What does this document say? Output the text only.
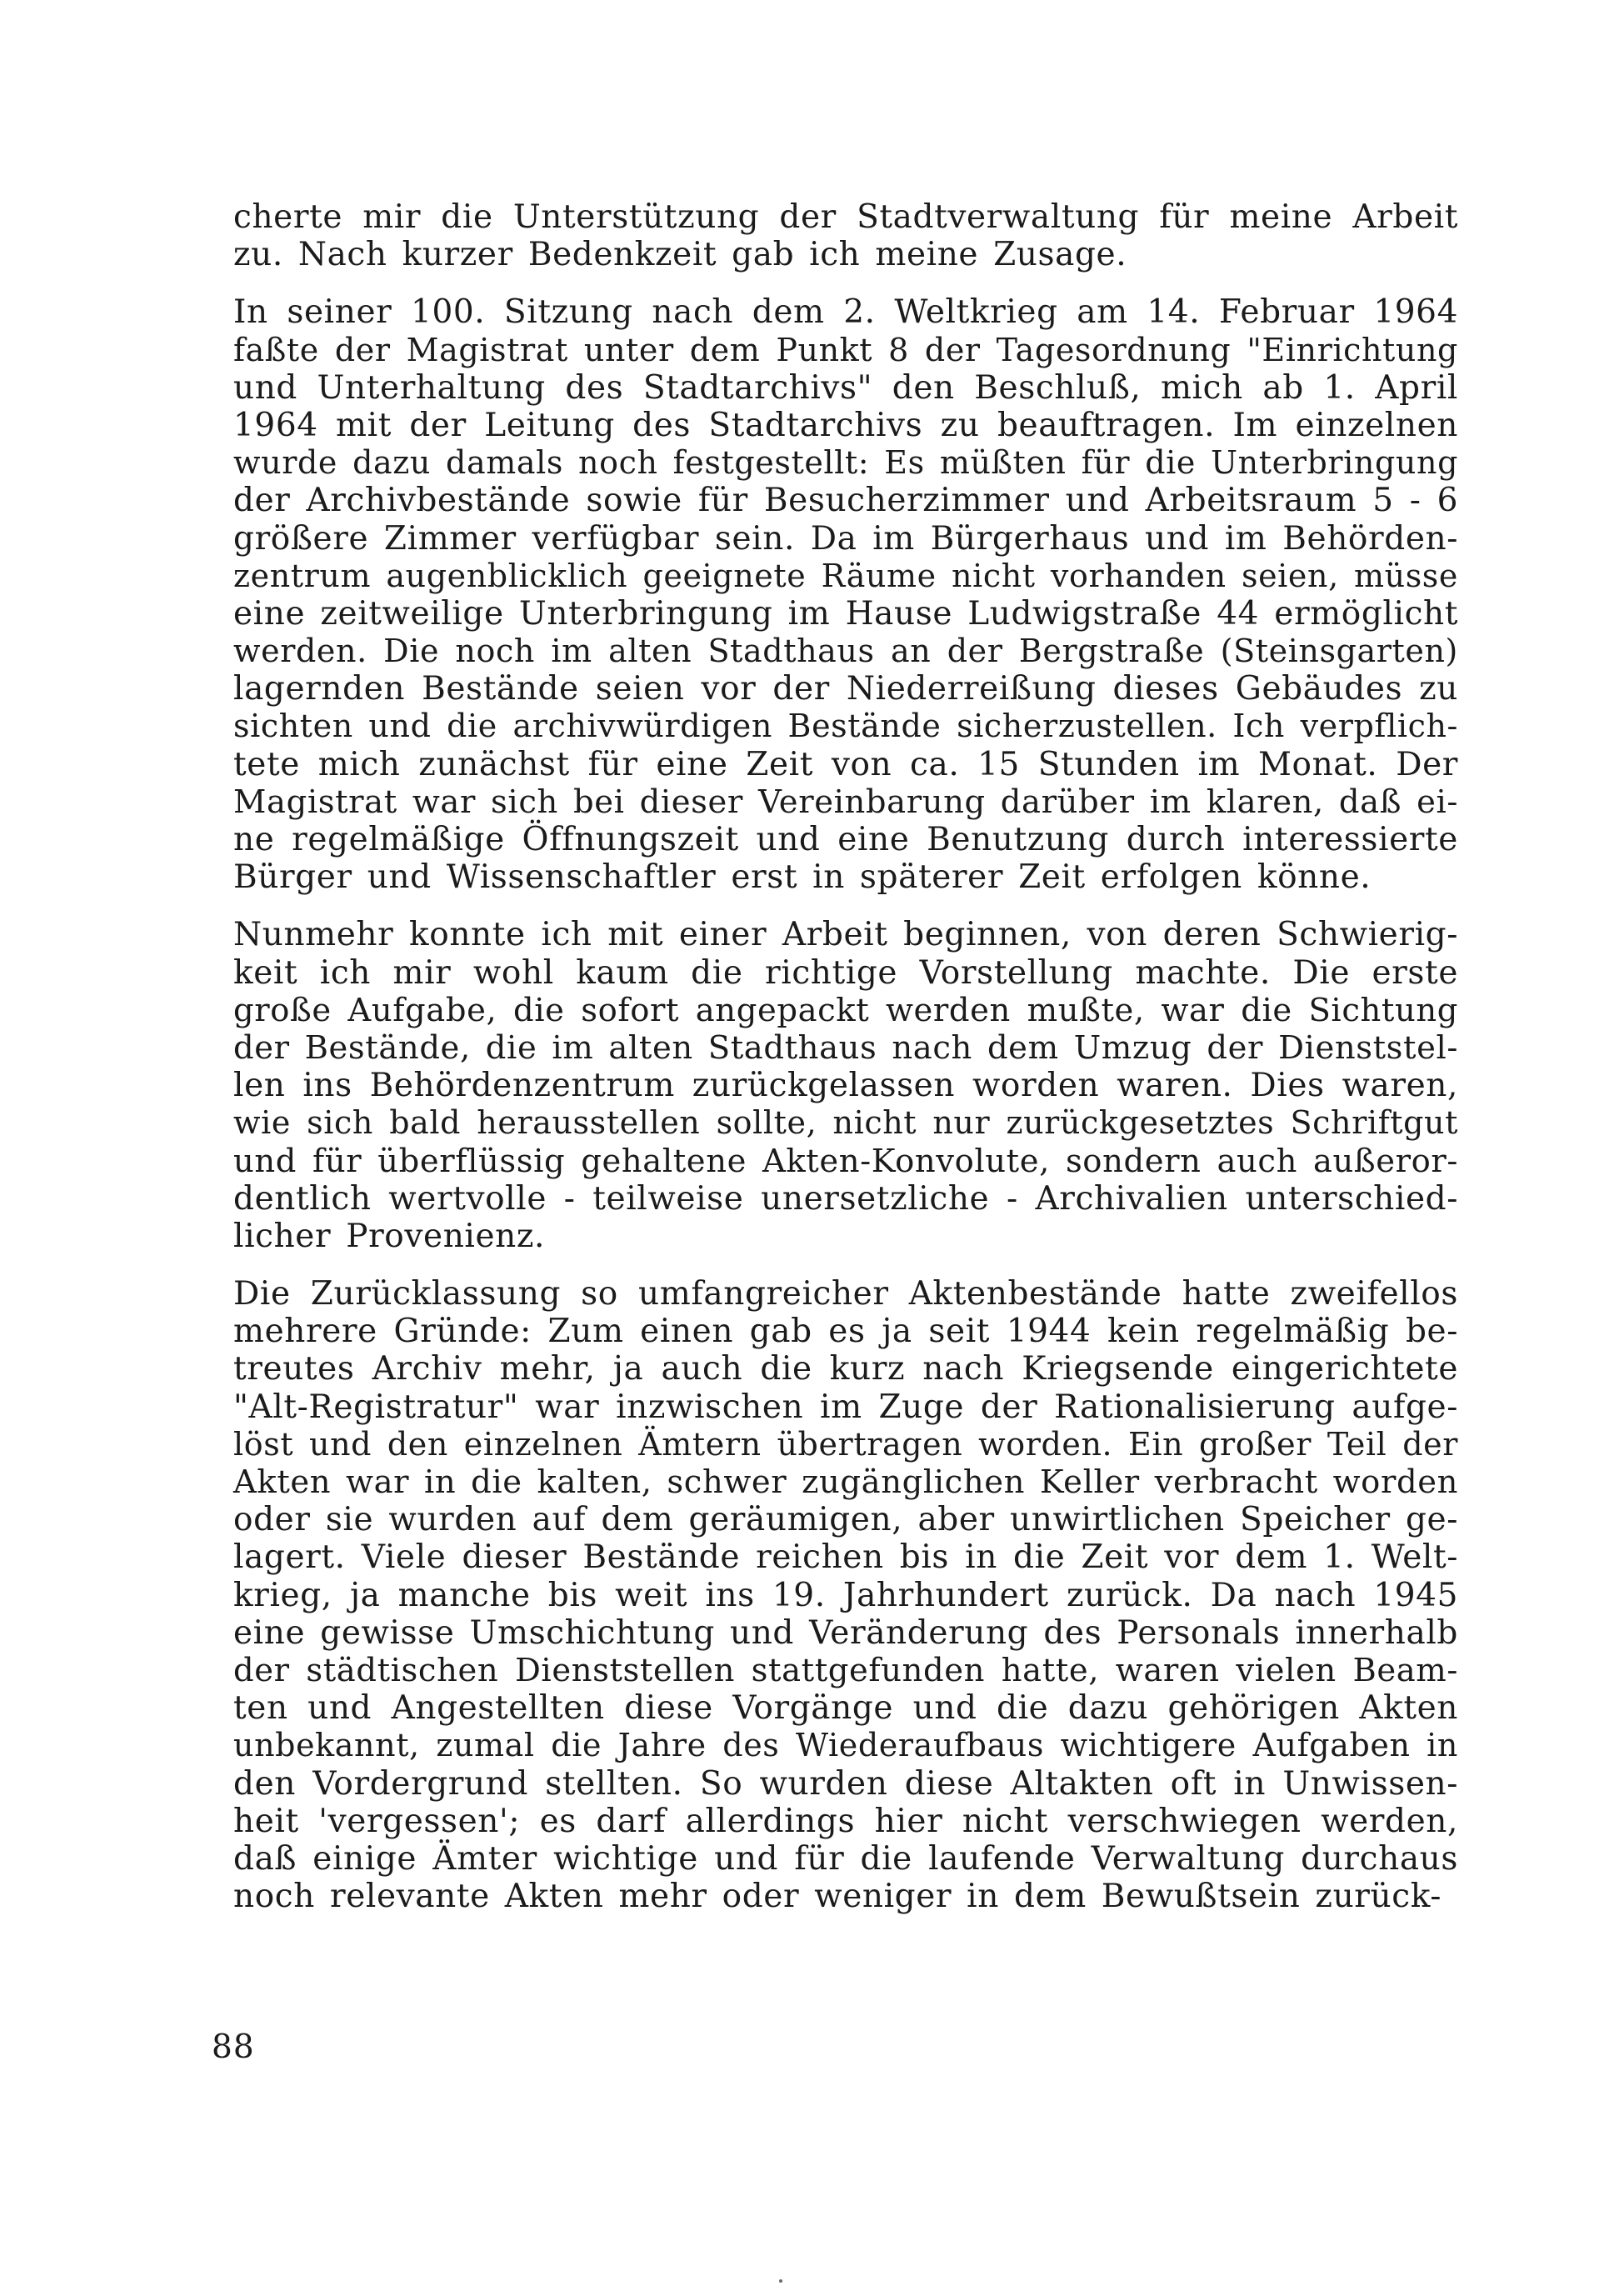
cherte mir die Unterstützung der Stadtverwaltung für meine Arbeit
zu. Nach kurzer Bedenkzeit gab ich meine Zusage.
In seiner 100. Sitzung nach dem 2. Weltkrieg am 14. Februar 1964
faßte der Magistrat unter dem Punkt 8 der Tagesordnung "Einrichtung
und Unterhaltung des Stadtarchivs" den Beschluß, mich ab 1. April
1964 mit der Leitung des Stadtarchivs zu beauftragen. Im einzelnen
wurde dazu damals noch festgestellt: Es müßten für die Unterbringung
der Archivbestände sowie für Besucherzimmer und Arbeitsraum 5 - 6
größere Zimmer verfügbar sein. Da im Bürgerhaus und im Behörden-
zentrum augenblicklich geeignete Räume nicht vorhanden seien, müsse
eine zeitweilige Unterbringung im Hause Ludwigstraße 44 ermöglicht
werden. Die noch im alten Stadthaus an der Bergstraße (Steinsgarten)
lagernden Bestände seien vor der Niederreißung dieses Gebäudes zu
sichten und die archivwürdigen Bestände sicherzustellen. Ich verpflich-
tete mich zunächst für eine Zeit von ca. 15 Stunden im Monat. Der
Magistrat war sich bei dieser Vereinbarung darüber im klaren, daß ei-
ne regelmäßige Öffnungszeit und eine Benutzung durch interessierte
Bürger und Wissenschaftler erst in späterer Zeit erfolgen könne.
Nunmehr konnte ich mit einer Arbeit beginnen, von deren Schwierig-
keit ich mir wohl kaum die richtige Vorstellung machte. Die erste
große Aufgabe, die sofort angepackt werden mußte, war die Sichtung
der Bestände, die im alten Stadthaus nach dem Umzug der Dienststel-
len ins Behördenzentrum zurückgelassen worden waren. Dies waren,
wie sich bald herausstellen sollte, nicht nur zurückgesetztes Schriftgut
und für überflüssig gehaltene Akten-Konvolute, sondern auch außeror-
dentlich wertvolle - teilweise unersetzliche - Archivalien unterschied-
licher Provenienz.
Die Zurücklassung so umfangreicher Aktenbestände hatte zweifellos
mehrere Gründe: Zum einen gab es ja seit 1944 kein regelmäßig be-
treutes Archiv mehr, ja auch die kurz nach Kriegsende eingerichtete
"Alt-Registratur" war inzwischen im Zuge der Rationalisierung aufge-
löst und den einzelnen Ämtern übertragen worden. Ein großer Teil der
Akten war in die kalten, schwer zugänglichen Keller verbracht worden
oder sie wurden auf dem geräumigen, aber unwirtlichen Speicher ge-
lagert. Viele dieser Bestände reichen bis in die Zeit vor dem 1. Welt-
krieg, ja manche bis weit ins 19. Jahrhundert zurück. Da nach 1945
eine gewisse Umschichtung und Veränderung des Personals innerhalb
der städtischen Dienststellen stattgefunden hatte, waren vielen Beam-
ten und Angestellten diese Vorgänge und die dazu gehörigen Akten
unbekannt, zumal die Jahre des Wiederaufbaus wichtigere Aufgaben in
den Vordergrund stellten. So wurden diese Altakten oft in Unwissen-
heit 'vergessen'; es darf allerdings hier nicht verschwiegen werden,
daß einige Ämter wichtige und für die laufende Verwaltung durchaus
noch relevante Akten mehr oder weniger in dem Bewußtsein zurück-
88
